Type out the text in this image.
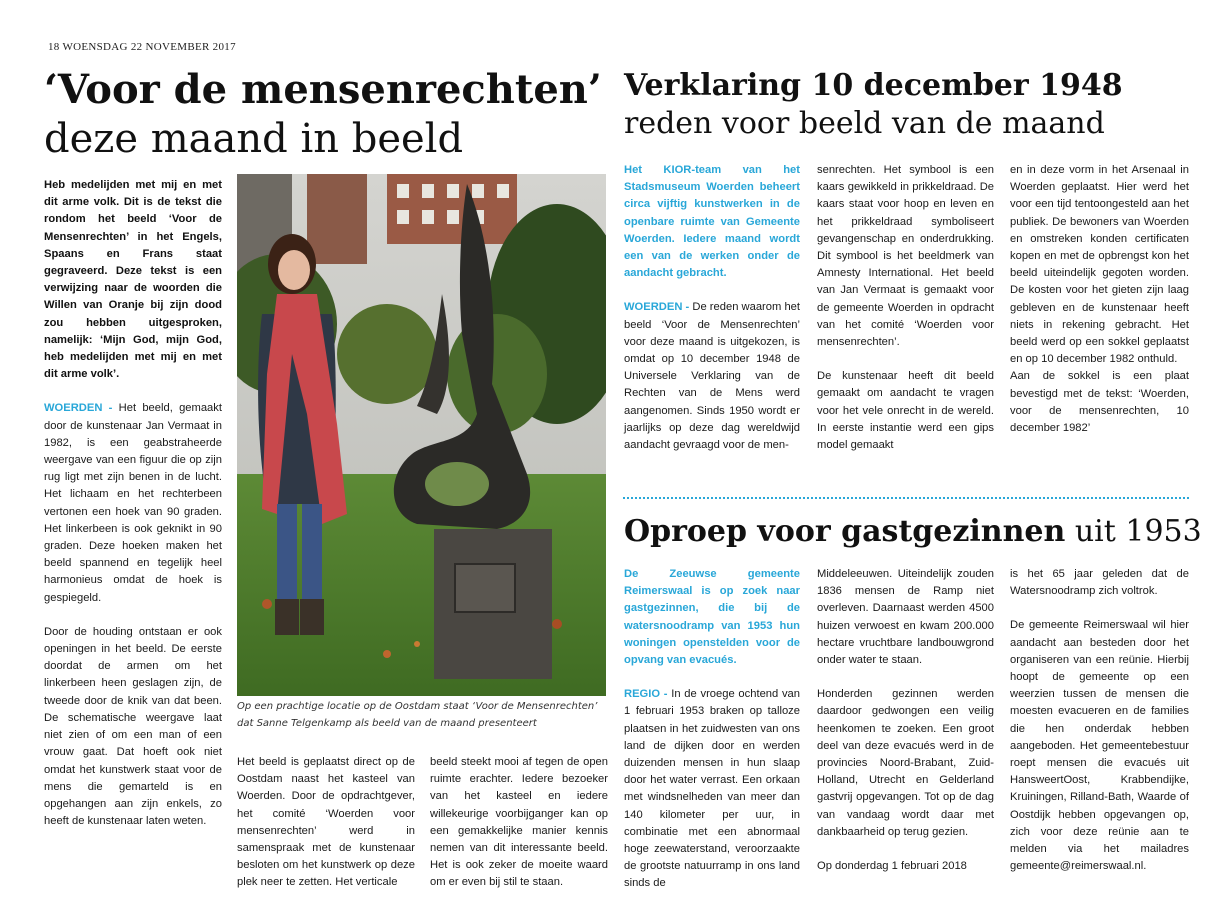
18 WOENSDAG 22 NOVEMBER 2017
‘Voor de mensenrechten’
deze maand in beeld

Heb medelijden met mij en met dit arme volk. Dit is de tekst die rondom het beeld ‘Voor de Mensenrechten’ in het Engels, Spaans en Frans staat gegraveerd. Deze tekst is een verwijzing naar de woorden die Willen van Oranje bij zijn dood zou hebben uitgesproken, namelijk: ‘Mijn God, mijn God, heb medelijden met mij en met dit arme volk’.

WOERDEN - Het beeld, gemaakt door de kunstenaar Jan Vermaat in 1982, is een geabstraheerde weergave van een figuur die op zijn rug ligt met zijn benen in de lucht. Het lichaam en het rechterbeen vertonen een hoek van 90 graden. Het linkerbeen is ook geknikt in 90 graden. Deze hoeken maken het beeld spannend en tegelijk heel harmonieus omdat de hoek is gespiegeld.

Door de houding ontstaan er ook openingen in het beeld. De eerste doordat de armen om het linkerbeen heen geslagen zijn, de tweede door de knik van dat been. De schematische weergave laat niet zien of om een man of een vrouw gaat. Dat hoeft ook niet omdat het kunstwerk staat voor de mens die gemarteld is en opgehangen aan zijn enkels, zo heeft de kunstenaar laten weten.

Op een prachtige locatie op de Oostdam staat ‘Voor de Mensenrechten’ dat Sanne Telgenkamp als beeld van de maand presenteert

Het beeld is geplaatst direct op de Oostdam naast het kasteel van Woerden. Door de opdrachtgever, het comité ‘Woerden voor mensenrechten’ werd in samenspraak met de kunstenaar besloten om het kunstwerk op deze plek neer te zetten. Het verticale

beeld steekt mooi af tegen de open ruimte erachter. Iedere bezoeker van het kasteel en iedere willekeurige voorbijganger kan op een gemakkelijke manier kennis nemen van dit interessante beeld. Het is ook zeker de moeite waard om er even bij stil te staan.

Verklaring 10 december 1948
reden voor beeld van de maand

Het KIOR-team van het Stadsmuseum Woerden beheert circa vijftig kunstwerken in de openbare ruimte van Gemeente Woerden. Iedere maand wordt een van de werken onder de aandacht gebracht.

WOERDEN - De reden waarom het beeld ‘Voor de Mensenrechten’ voor deze maand is uitgekozen, is omdat op 10 december 1948 de Universele Verklaring van de Rechten van de Mens werd aangenomen. Sinds 1950 wordt er jaarlijks op deze dag wereldwijd aandacht gevraagd voor de men-

senrechten. Het symbool is een kaars gewikkeld in prikkeldraad. De kaars staat voor hoop en leven en het prikkeldraad symboliseert gevangenschap en onderdrukking. Dit symbool is het beeldmerk van Amnesty International. Het beeld van Jan Vermaat is gemaakt voor de gemeente Woerden in opdracht van het comité ‘Woerden voor mensenrechten’.

De kunstenaar heeft dit beeld gemaakt om aandacht te vragen voor het vele onrecht in de wereld. In eerste instantie werd een gips model gemaakt

en in deze vorm in het Arsenaal in Woerden geplaatst. Hier werd het voor een tijd tentoongesteld aan het publiek. De bewoners van Woerden en omstreken konden certificaten kopen en met de opbrengst kon het beeld uiteindelijk gegoten worden. De kosten voor het gieten zijn laag gebleven en de kunstenaar heeft niets in rekening gebracht. Het beeld werd op een sokkel geplaatst en op 10 december 1982 onthuld.

Aan de sokkel is een plaat bevestigd met de tekst: ‘Woerden, voor de mensenrechten, 10 december 1982’

Oproep voor gastgezinnen uit 1953

De Zeeuwse gemeente Reimerswaal is op zoek naar gastgezinnen, die bij de watersnoodramp van 1953 hun woningen openstelden voor de opvang van evacués.

REGIO - In de vroege ochtend van 1 februari 1953 braken op talloze plaatsen in het zuidwesten van ons land de dijken door en werden duizenden mensen in hun slaap door het water verrast. Een orkaan met windsnelheden van meer dan 140 kilometer per uur, in combinatie met een abnormaal hoge zeewaterstand, veroorzaakte de grootste natuurramp in ons land sinds de

Middeleeuwen. Uiteindelijk zouden 1836 mensen de Ramp niet overleven. Daarnaast werden 4500 huizen verwoest en kwam 200.000 hectare vruchtbare landbouwgrond onder water te staan.

Honderden gezinnen werden daardoor gedwongen een veilig heenkomen te zoeken. Een groot deel van deze evacués werd in de provincies Noord-Brabant, Zuid-Holland, Utrecht en Gelderland gastvrij opgevangen. Tot op de dag van vandaag wordt daar met dankbaarheid op terug gezien.

Op donderdag 1 februari 2018

is het 65 jaar geleden dat de Watersnoodramp zich voltrok.

De gemeente Reimerswaal wil hier aandacht aan besteden door het organiseren van een reünie. Hierbij hoopt de gemeente op een weerzien tussen de mensen die moesten evacueren en de families die hen onderdak hebben aangeboden. Het gemeentebestuur roept mensen die evacués uit HansweertOost, Krabbendijke, Kruiningen, Rilland-Bath, Waarde of Oostdijk hebben opgevangen op, zich voor deze reünie aan te melden via het mailadres gemeente@reimerswaal.nl.
